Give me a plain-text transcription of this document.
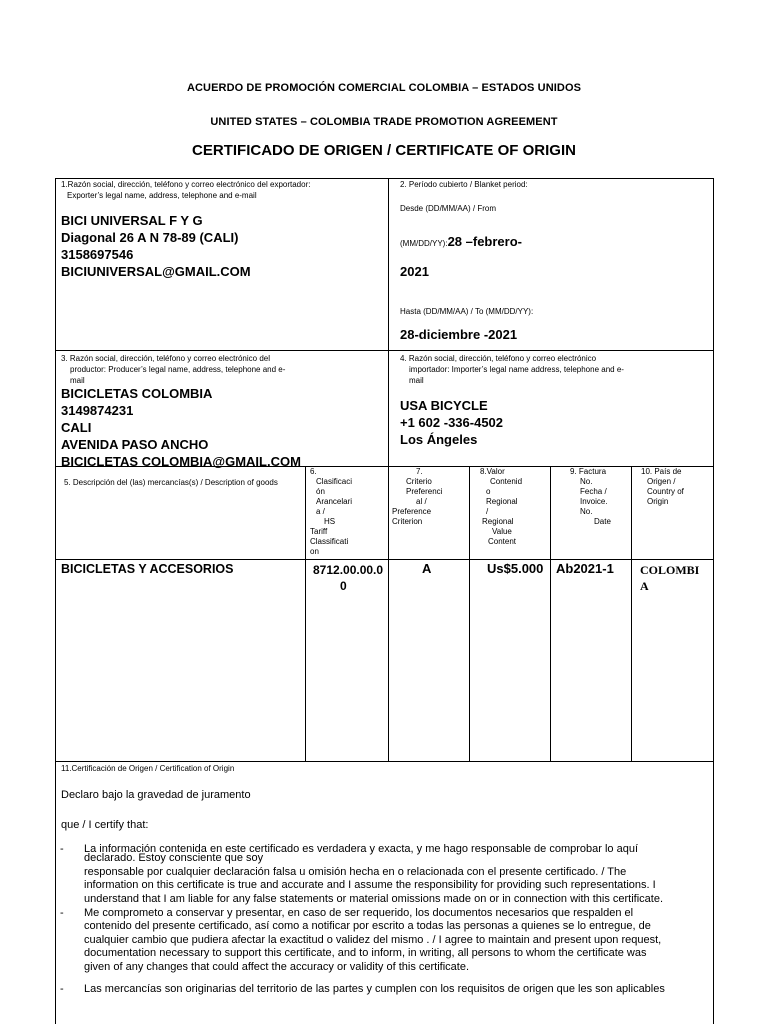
ACUERDO DE PROMOCIÓN COMERCIAL COLOMBIA – ESTADOS UNIDOS
UNITED STATES – COLOMBIA TRADE PROMOTION AGREEMENT
CERTIFICADO DE ORIGEN / CERTIFICATE OF ORIGIN
1.Razón social, dirección, teléfono y correo electrónico del exportador:
Exporter’s legal name, address, telephone and e-mail
BICI UNIVERSAL F Y G
Diagonal 26 A N 78-89 (CALI)
3158697546
BICIUNIVERSAL@GMAIL.COM
2. Período cubierto / Blanket period:
Desde (DD/MM/AA) / From
(MM/DD/YY):28 –febrero-
2021
Hasta (DD/MM/AA) / To (MM/DD/YY):
28-diciembre -2021
3. Razón social, dirección, teléfono y correo electrónico del
productor: Producer’s legal name, address, telephone and e-
mail
BICICLETAS COLOMBIA
3149874231
CALI
AVENIDA PASO ANCHO
BICICLETAS COLOMBIA@GMAIL.COM
4. Razón social, dirección, teléfono y correo electrónico
importador: Importer’s legal name address, telephone and e-
mail
USA BICYCLE
+1 602 -336-4502
Los Ángeles
5. Descripción del (las) mercancías(s) / Description of goods
6.
Clasificaci
ón
Arancelari
a /
HS
Tariff
Classificati
on
7.
Criterio
Preferenci
al /
Preference
Criterion
8.Valor
Contenid
o
Regional
/
Regional
Value
Content
9. Factura
No.
Fecha /
Invoice.
No.
Date
10. País de
Origen /
Country of
Origin
BICICLETAS Y ACCESORIOS	8712.00.00.0
0
A	Us$5.000 Ab2021-1 COLOMBI
A
11.Certificación de Origen / Certification of Origin
Declaro bajo la gravedad de juramento
que / I certify that:
- La información contenida en este certificado es verdadera y exacta, y me hago responsable de comprobar lo aquí
declarado. Estoy consciente que soy
responsable por cualquier declaración falsa u omisión hecha en o relacionada con el presente certificado. / The
information on this certificate is true and accurate and I assume the responsibility for providing such representations. I
understand that I am liable for any false statements or material omissions made on or in connection with this certificate.
- Me comprometo a conservar y presentar, en caso de ser requerido, los documentos necesarios que respalden el
contenido del presente certificado, así como a notificar por escrito a todas las personas a quienes se lo entregue, de
cualquier cambio que pudiera afectar la exactitud o validez del mismo . / I agree to maintain and present upon request,
documentation necessary to support this certificate, and to inform, in writing, all persons to whom the certificate was
given of any changes that could affect the accuracy or validity of this certificate.
- Las mercancías son originarias del territorio de las partes y cumplen con los requisitos de origen que les son aplicables
